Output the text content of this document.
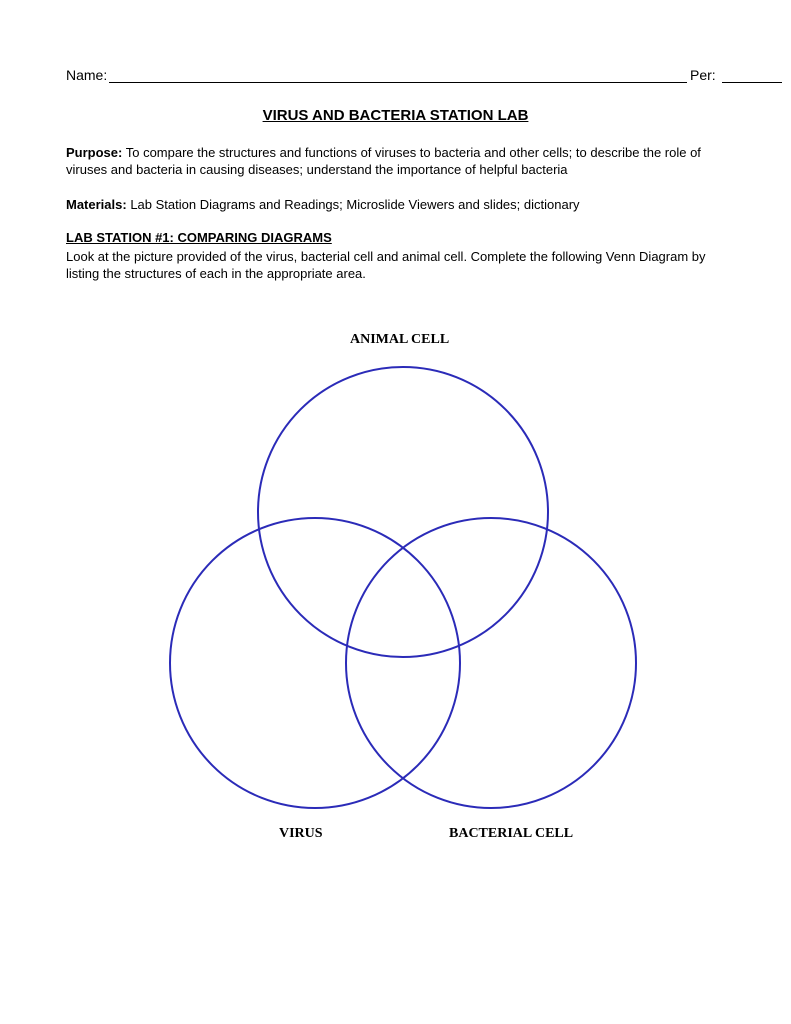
Name:	Per:
VIRUS AND BACTERIA STATION LAB
Purpose: To compare the structures and functions of viruses to bacteria and other cells; to describe the role of viruses and bacteria in causing diseases; understand the importance of helpful bacteria
Materials: Lab Station Diagrams and Readings; Microslide Viewers and slides; dictionary
LAB STATION #1: COMPARING DIAGRAMS
Look at the picture provided of the virus, bacterial cell and animal cell. Complete the following Venn Diagram by listing the structures of each in the appropriate area.
ANIMAL CELL
VIRUS	BACTERIAL CELL
